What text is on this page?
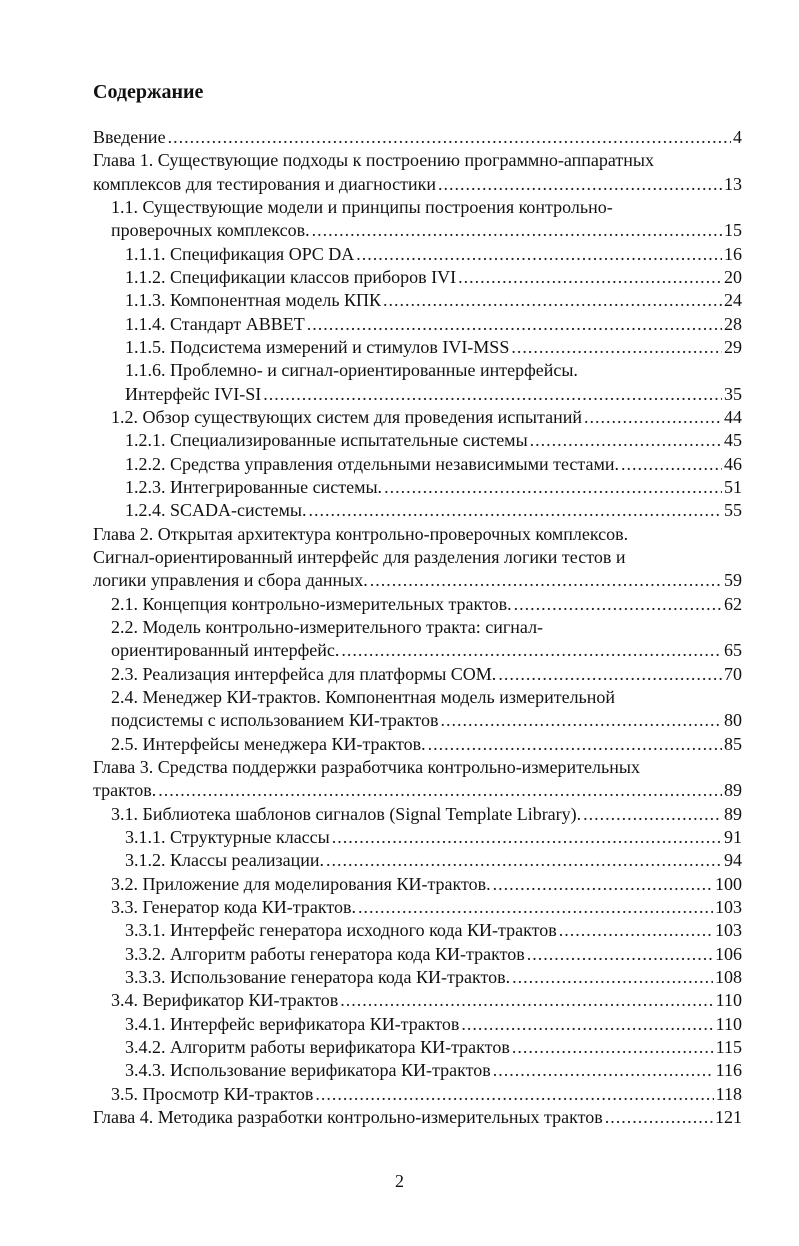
Содержание
Введение .....	4
Глава 1. Существующие подходы к построению программно-аппаратных
комплексов для тестирования и диагностики .....	13
1.1. Существующие модели и принципы построения контрольно-
проверочных комплексов. .....	15
1.1.1. Спецификация OPC DA .....	16
1.1.2. Спецификации классов приборов IVI .....	20
1.1.3. Компонентная модель КПК .....	24
1.1.4. Стандарт ABBET .....	28
1.1.5. Подсистема измерений и стимулов IVI-MSS .....	29
1.1.6. Проблемно- и сигнал-ориентированные интерфейсы.
Интерфейс IVI-SI .....	35
1.2. Обзор существующих систем для проведения испытаний .....	44
1.2.1. Специализированные испытательные системы .....	45
1.2.2. Средства управления отдельными независимыми тестами. .....	46
1.2.3. Интегрированные системы. .....	51
1.2.4. SCADA-системы. .....	55
Глава 2. Открытая архитектура контрольно-проверочных комплексов.
Сигнал-ориентированный интерфейс для разделения логики тестов и
логики управления и сбора данных. .....	59
2.1. Концепция контрольно-измерительных трактов. .....	62
2.2. Модель контрольно-измерительного тракта: сигнал-
ориентированный интерфейс. .....	65
2.3. Реализация интерфейса для платформы COM. .....	70
2.4. Менеджер КИ-трактов. Компонентная модель измерительной
подсистемы с использованием КИ-трактов .....	80
2.5. Интерфейсы менеджера КИ-трактов. .....	85
Глава 3. Средства поддержки разработчика контрольно-измерительных
трактов. .....	89
3.1. Библиотека шаблонов сигналов (Signal Template Library). .....	89
3.1.1. Структурные классы .....	91
3.1.2. Классы реализации. .....	94
3.2. Приложение для моделирования КИ-трактов. .....	100
3.3. Генератор кода КИ-трактов. .....	103
3.3.1. Интерфейс генератора исходного кода КИ-трактов .....	103
3.3.2. Алгоритм работы генератора кода КИ-трактов .....	106
3.3.3. Использование генератора кода КИ-трактов. .....	108
3.4. Верификатор КИ-трактов .....	110
3.4.1. Интерфейс верификатора КИ-трактов .....	110
3.4.2. Алгоритм работы верификатора КИ-трактов .....	115
3.4.3. Использование верификатора КИ-трактов .....	116
3.5. Просмотр КИ-трактов .....	118
Глава 4. Методика разработки контрольно-измерительных трактов .....	121
2
